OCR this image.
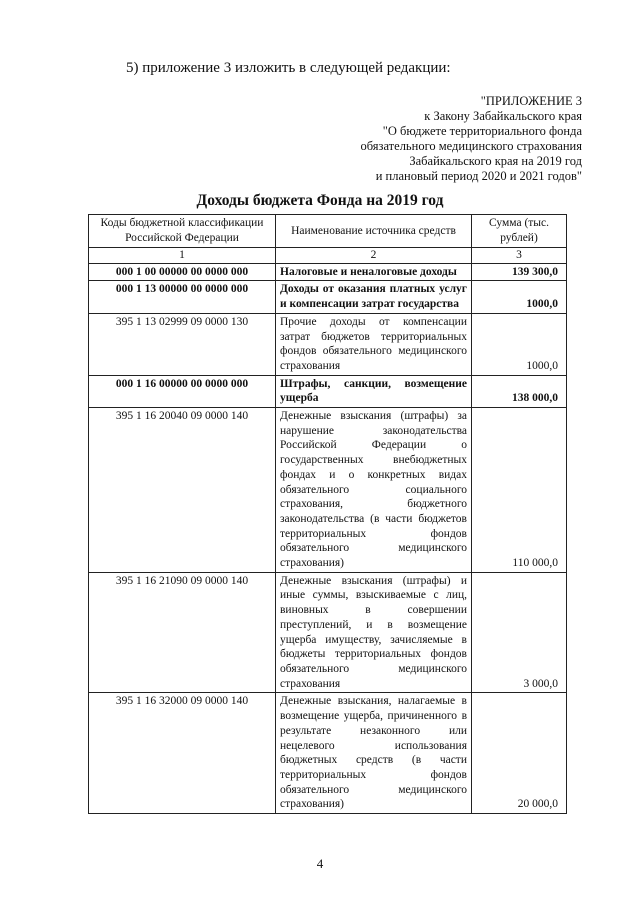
5) приложение 3 изложить в следующей редакции:
"ПРИЛОЖЕНИЕ 3
к Закону Забайкальского края
"О бюджете территориального фонда
обязательного медицинского страхования
Забайкальского края на 2019 год
и плановый период 2020 и 2021 годов"
Доходы бюджета Фонда на 2019 год
Коды бюджетной классификации Российской Федерации	Наименование источника средств	Сумма (тыс. рублей)
1	2	3
000 1 00 00000 00 0000 000	Налоговые и неналоговые доходы	139 300,0
000 1 13 00000 00 0000 000	Доходы от оказания платных услуг и компенсации затрат государства	1000,0
395 1 13 02999 09 0000 130	Прочие доходы от компенсации затрат бюджетов территориальных фондов обязательного медицинского страхования	1000,0
000 1 16 00000 00 0000 000	Штрафы, санкции, возмещение ущерба	138 000,0
395 1 16 20040 09 0000 140	Денежные взыскания (штрафы) за нарушение законодательства Российской Федерации о государственных внебюджетных фондах и о конкретных видах обязательного социального страхования, бюджетного законодательства (в части бюджетов территориальных фондов обязательного медицинского страхования)	110 000,0
395 1 16 21090 09 0000 140	Денежные взыскания (штрафы) и иные суммы, взыскиваемые с лиц, виновных в совершении преступлений, и в возмещение ущерба имуществу, зачисляемые в бюджеты территориальных фондов обязательного медицинского страхования	3 000,0
395 1 16 32000 09 0000 140	Денежные взыскания, налагаемые в возмещение ущерба, причиненного в результате незаконного или нецелевого использования бюджетных средств (в части территориальных фондов обязательного медицинского страхования)	20 000,0
4
